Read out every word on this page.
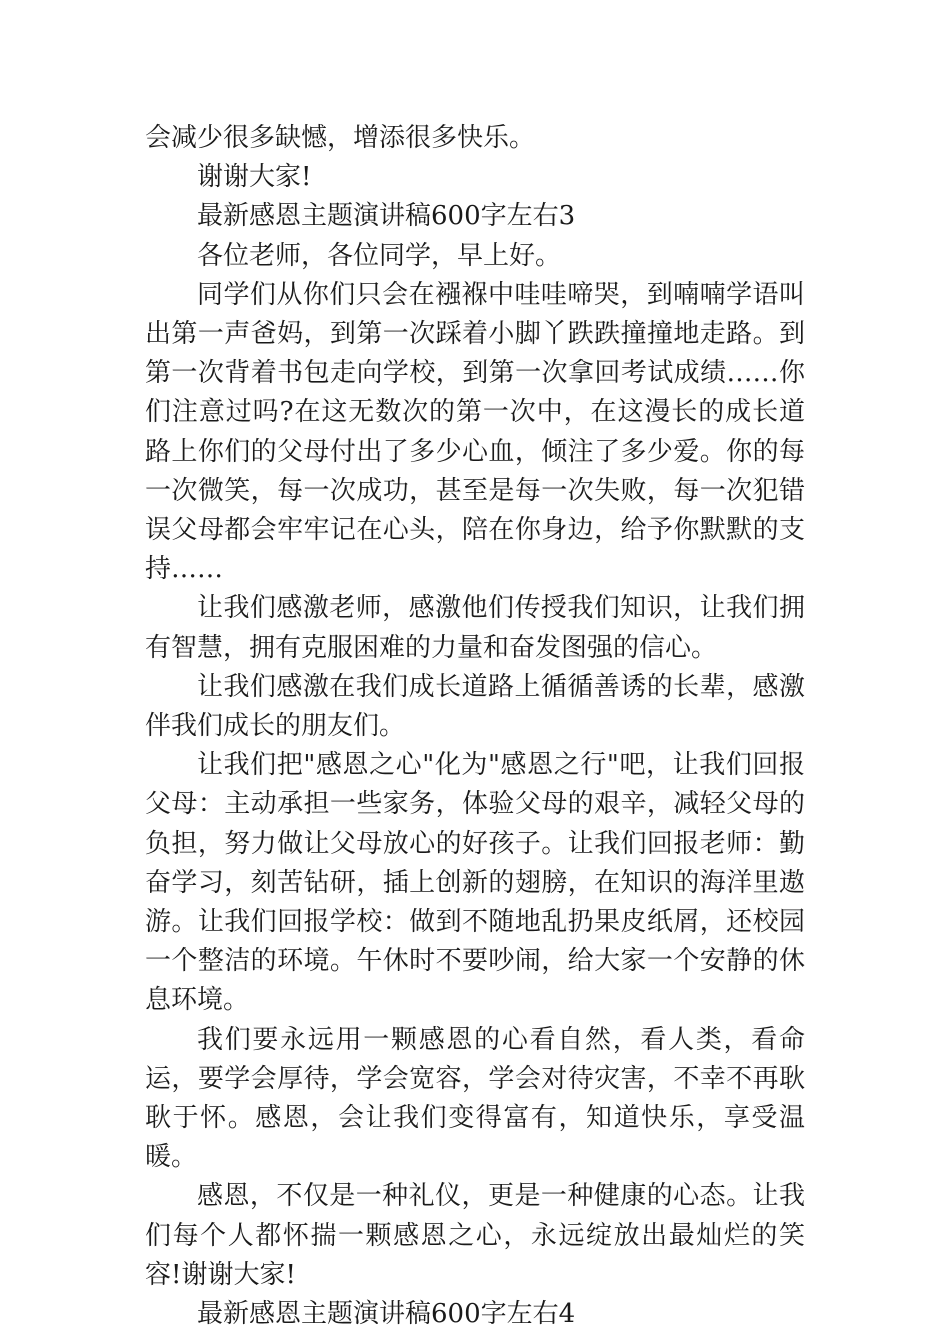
会减少很多缺憾，增添很多快乐。

谢谢大家!

最新感恩主题演讲稿600字左右3

各位老师，各位同学，早上好。

同学们从你们只会在襁褓中哇哇啼哭，到喃喃学语叫出第一声爸妈，到第一次踩着小脚丫跌跌撞撞地走路。到第一次背着书包走向学校，到第一次拿回考试成绩……你们注意过吗?在这无数次的第一次中，在这漫长的成长道路上你们的父母付出了多少心血，倾注了多少爱。你的每一次微笑，每一次成功，甚至是每一次失败，每一次犯错误父母都会牢牢记在心头，陪在你身边，给予你默默的支持……

让我们感激老师，感激他们传授我们知识，让我们拥有智慧，拥有克服困难的力量和奋发图强的信心。

让我们感激在我们成长道路上循循善诱的长辈，感激伴我们成长的朋友们。

让我们把"感恩之心"化为"感恩之行"吧，让我们回报父母：主动承担一些家务，体验父母的艰辛，减轻父母的负担，努力做让父母放心的好孩子。让我们回报老师：勤奋学习，刻苦钻研，插上创新的翅膀，在知识的海洋里遨游。让我们回报学校：做到不随地乱扔果皮纸屑，还校园一个整洁的环境。午休时不要吵闹，给大家一个安静的休息环境。

我们要永远用一颗感恩的心看自然，看人类，看命运，要学会厚待，学会宽容，学会对待灾害，不幸不再耿耿于怀。感恩，会让我们变得富有，知道快乐，享受温暖。

感恩，不仅是一种礼仪，更是一种健康的心态。让我们每个人都怀揣一颗感恩之心，永远绽放出最灿烂的笑容!谢谢大家!

最新感恩主题演讲稿600字左右4
